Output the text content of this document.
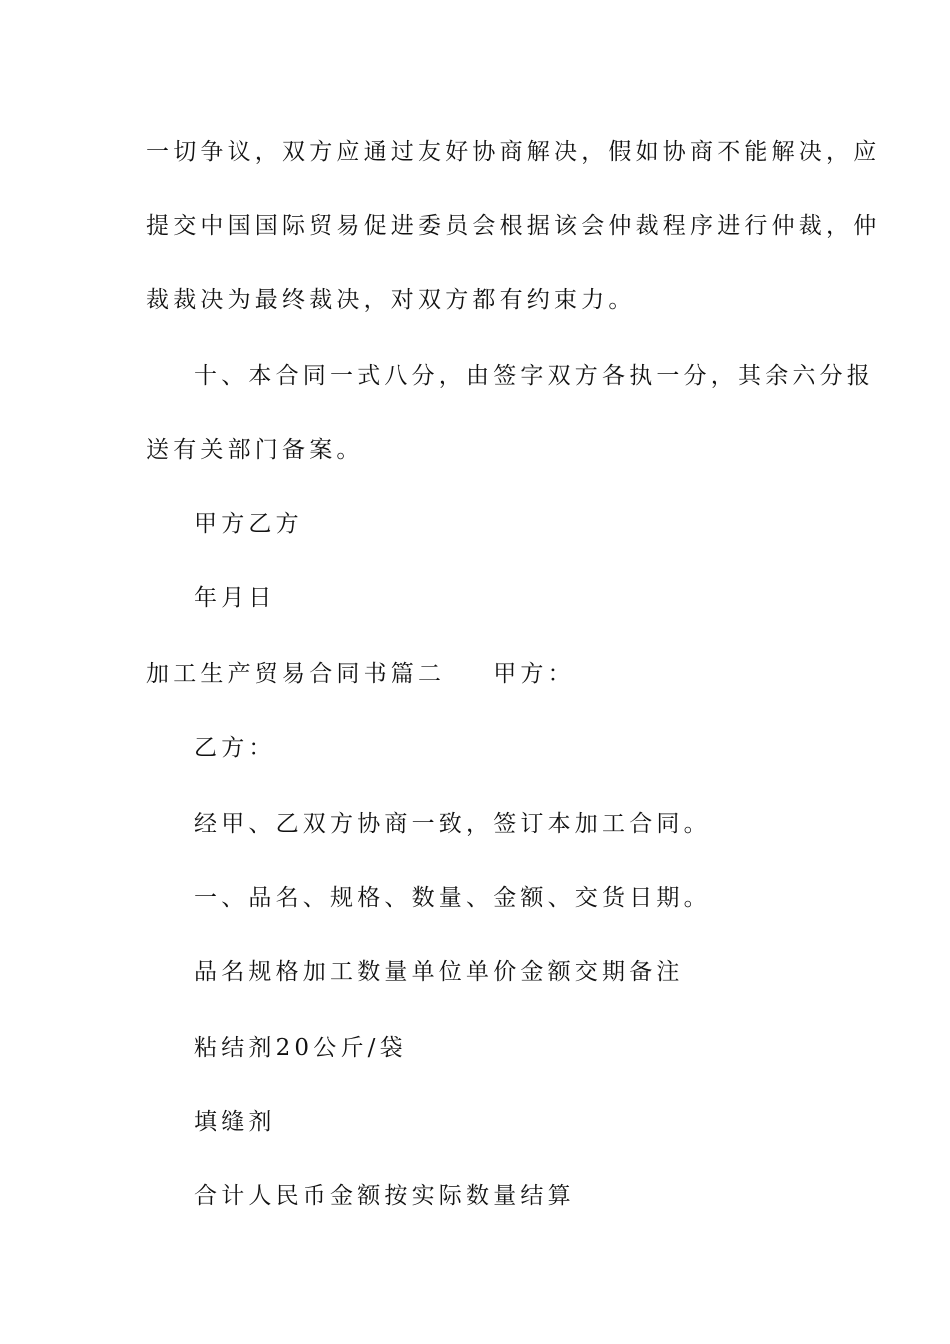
一切争议，双方应通过友好协商解决，假如协商不能解决，应
提交中国国际贸易促进委员会根据该会仲裁程序进行仲裁，仲
裁裁决为最终裁决，对双方都有约束力。
十、本合同一式八分，由签字双方各执一分，其余六分报
送有关部门备案。
甲方乙方
年月日
加工生产贸易合同书篇二 甲方：
乙方：
经甲、乙双方协商一致，签订本加工合同。
一、品名、规格、数量、金额、交货日期。
品名规格加工数量单位单价金额交期备注
粘结剂20公斤/袋
填缝剂
合计人民币金额按实际数量结算
